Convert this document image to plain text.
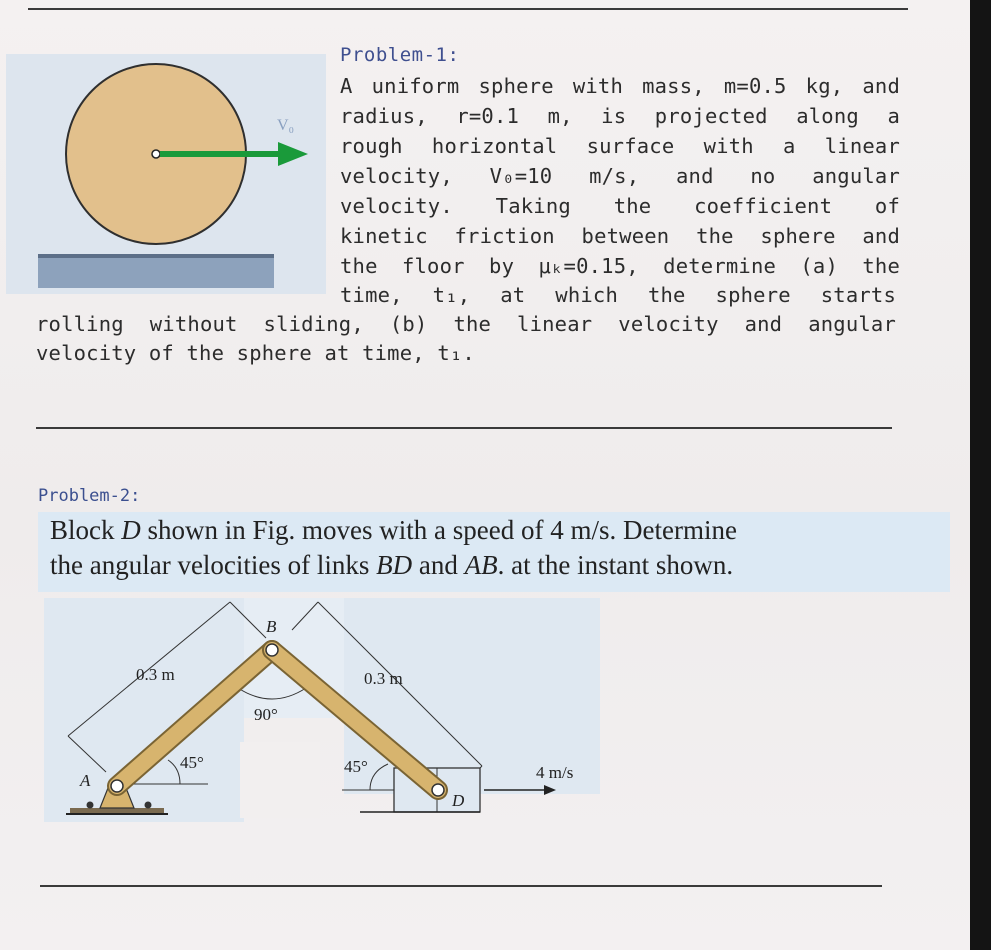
V₀
Problem-1:
A uniform sphere with mass, m=0.5 kg, and
radius, r=0.1 m, is projected along a
rough horizontal surface with a linear
velocity, V₀=10 m/s, and no angular
velocity. Taking the coefficient of
kinetic friction between the sphere and
the floor by μₖ=0.15, determine (a) the
time, t₁, at which the sphere starts
rolling without sliding, (b) the linear velocity and angular
velocity of the sphere at time, t₁.
Problem-2:
Block D shown in Fig. moves with a speed of 4 m/s. Determine
the angular velocities of links BD and AB. at the instant shown.
A
B
D
0.3 m	0.3 m
90°
45°	45°	4 m/s
